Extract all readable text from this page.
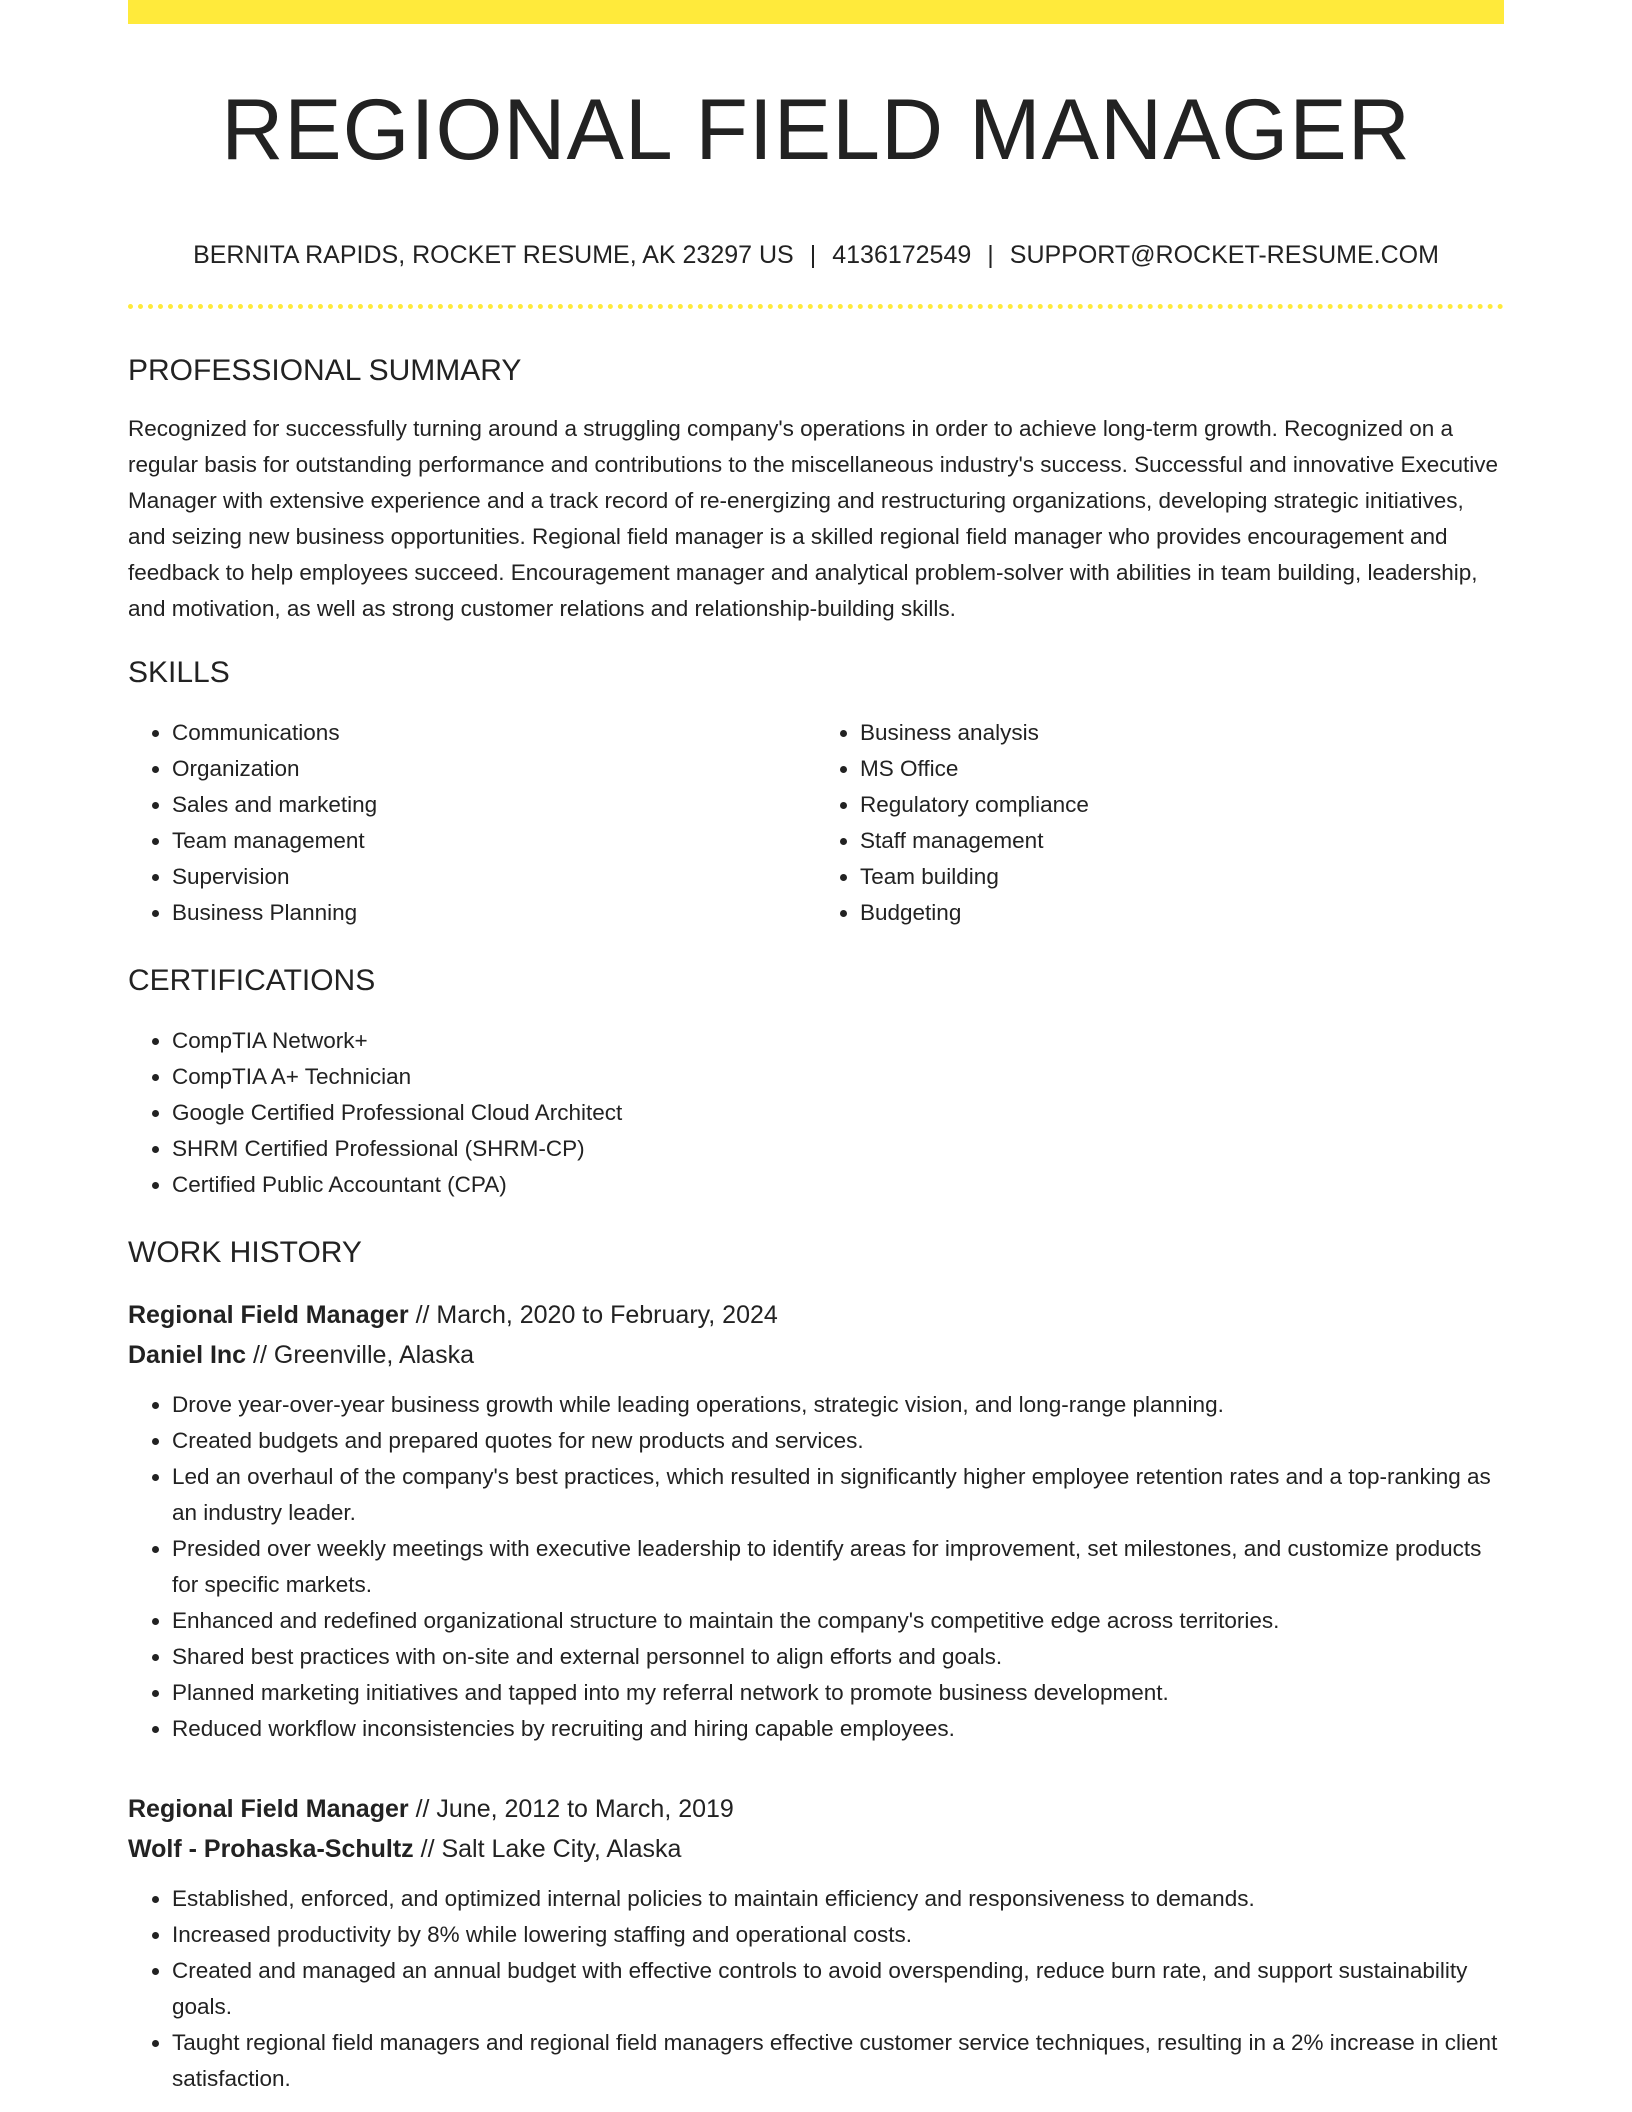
REGIONAL FIELD MANAGER
BERNITA RAPIDS, ROCKET RESUME, AK 23297 US | 4136172549 | SUPPORT@ROCKET-RESUME.COM
PROFESSIONAL SUMMARY
Recognized for successfully turning around a struggling company's operations in order to achieve long-term growth. Recognized on a regular basis for outstanding performance and contributions to the miscellaneous industry's success. Successful and innovative Executive Manager with extensive experience and a track record of re-energizing and restructuring organizations, developing strategic initiatives, and seizing new business opportunities. Regional field manager is a skilled regional field manager who provides encouragement and feedback to help employees succeed. Encouragement manager and analytical problem-solver with abilities in team building, leadership, and motivation, as well as strong customer relations and relationship-building skills.
SKILLS
• Communications
• Organization
• Sales and marketing
• Team management
• Supervision
• Business Planning
• Business analysis
• MS Office
• Regulatory compliance
• Staff management
• Team building
• Budgeting
CERTIFICATIONS
• CompTIA Network+
• CompTIA A+ Technician
• Google Certified Professional Cloud Architect
• SHRM Certified Professional (SHRM-CP)
• Certified Public Accountant (CPA)
WORK HISTORY
Regional Field Manager // March, 2020 to February, 2024
Daniel Inc // Greenville, Alaska
• Drove year-over-year business growth while leading operations, strategic vision, and long-range planning.
• Created budgets and prepared quotes for new products and services.
• Led an overhaul of the company's best practices, which resulted in significantly higher employee retention rates and a top-ranking as an industry leader.
• Presided over weekly meetings with executive leadership to identify areas for improvement, set milestones, and customize products for specific markets.
• Enhanced and redefined organizational structure to maintain the company's competitive edge across territories.
• Shared best practices with on-site and external personnel to align efforts and goals.
• Planned marketing initiatives and tapped into my referral network to promote business development.
• Reduced workflow inconsistencies by recruiting and hiring capable employees.
Regional Field Manager // June, 2012 to March, 2019
Wolf - Prohaska-Schultz // Salt Lake City, Alaska
• Established, enforced, and optimized internal policies to maintain efficiency and responsiveness to demands.
• Increased productivity by 8% while lowering staffing and operational costs.
• Created and managed an annual budget with effective controls to avoid overspending, reduce burn rate, and support sustainability goals.
• Taught regional field managers and regional field managers effective customer service techniques, resulting in a 2% increase in client satisfaction.
